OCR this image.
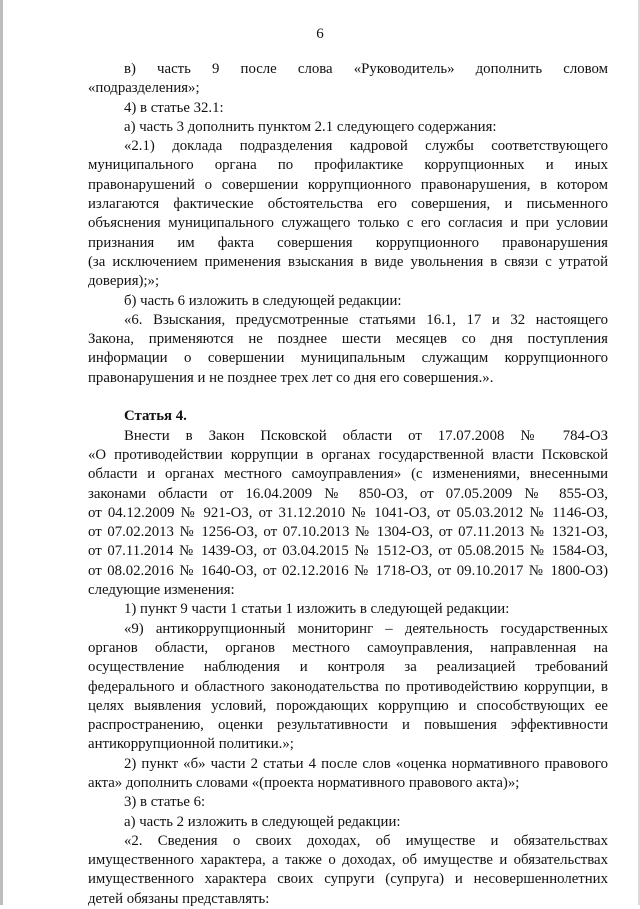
6
в) часть 9 после слова «Руководитель» дополнить словом
«подразделения»;
4) в статье 32.1:
а) часть 3 дополнить пунктом 2.1 следующего содержания:
«2.1) доклада подразделения кадровой службы соответствующего
муниципального органа по профилактике коррупционных и иных
правонарушений о совершении коррупционного правонарушения, в котором
излагаются фактические обстоятельства его совершения, и письменного
объяснения муниципального служащего только с его согласия и при условии
признания им факта совершения коррупционного правонарушения
(за исключением применения взыскания в виде увольнения в связи с утратой
доверия);»;
б) часть 6 изложить в следующей редакции:
«6. Взыскания, предусмотренные статьями 16.1, 17 и 32 настоящего
Закона, применяются не позднее шести месяцев со дня поступления
информации о совершении муниципальным служащим коррупционного
правонарушения и не позднее трех лет со дня его совершения.».
Статья 4.
Внести в Закон Псковской области от 17.07.2008 № 784-ОЗ
«О противодействии коррупции в органах государственной власти Псковской
области и органах местного самоуправления» (с изменениями, внесенными
законами области от 16.04.2009 № 850-ОЗ, от 07.05.2009 № 855-ОЗ,
от 04.12.2009 № 921-ОЗ, от 31.12.2010 № 1041-ОЗ, от 05.03.2012 № 1146-ОЗ,
от 07.02.2013 № 1256-ОЗ, от 07.10.2013 № 1304-ОЗ, от 07.11.2013 № 1321-ОЗ,
от 07.11.2014 № 1439-ОЗ, от 03.04.2015 № 1512-ОЗ, от 05.08.2015 № 1584-ОЗ,
от 08.02.2016 № 1640-ОЗ, от 02.12.2016 № 1718-ОЗ, от 09.10.2017 № 1800-ОЗ)
следующие изменения:
1) пункт 9 части 1 статьи 1 изложить в следующей редакции:
«9) антикоррупционный мониторинг – деятельность государственных
органов области, органов местного самоуправления, направленная на
осуществление наблюдения и контроля за реализацией требований
федерального и областного законодательства по противодействию коррупции, в
целях выявления условий, порождающих коррупцию и способствующих ее
распространению, оценки результативности и повышения эффективности
антикоррупционной политики.»;
2) пункт «б» части 2 статьи 4 после слов «оценка нормативного правового
акта» дополнить словами «(проекта нормативного правового акта)»;
3) в статье 6:
а) часть 2 изложить в следующей редакции:
«2. Сведения о своих доходах, об имуществе и обязательствах
имущественного характера, а также о доходах, об имуществе и обязательствах
имущественного характера своих супруги (супруга) и несовершеннолетних
детей обязаны представлять:
